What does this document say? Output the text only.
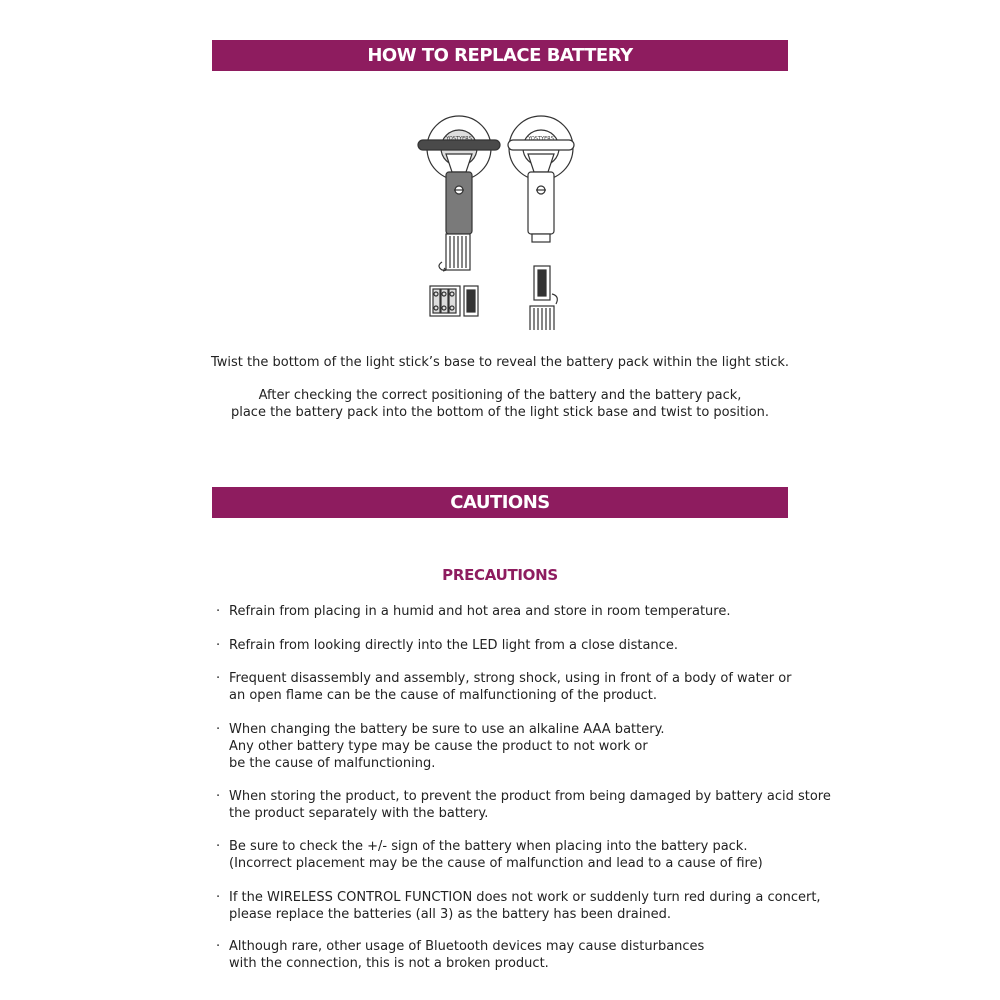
HOW TO REPLACE BATTERY
YOSTYERS	YOSTYERS
Twist the bottom of the light stick’s base to reveal the battery pack within the light stick.
After checking the correct positioning of the battery and the battery pack,
place the battery pack into the bottom of the light stick base and twist to position.
CAUTIONS
PRECAUTIONS
· Refrain from placing in a humid and hot area and store in room temperature.
· Refrain from looking directly into the LED light from a close distance.
· Frequent disassembly and assembly, strong shock, using in front of a body of water or
an open flame can be the cause of malfunctioning of the product.
· When changing the battery be sure to use an alkaline AAA battery.
Any other battery type may be cause the product to not work or
be the cause of malfunctioning.
· When storing the product, to prevent the product from being damaged by battery acid store
the product separately with the battery.
· Be sure to check the +/- sign of the battery when placing into the battery pack.
(Incorrect placement may be the cause of malfunction and lead to a cause of fire)
· If the WIRELESS CONTROL FUNCTION does not work or suddenly turn red during a concert,
please replace the batteries (all 3) as the battery has been drained.
· Although rare, other usage of Bluetooth devices may cause disturbances
with the connection, this is not a broken product.
